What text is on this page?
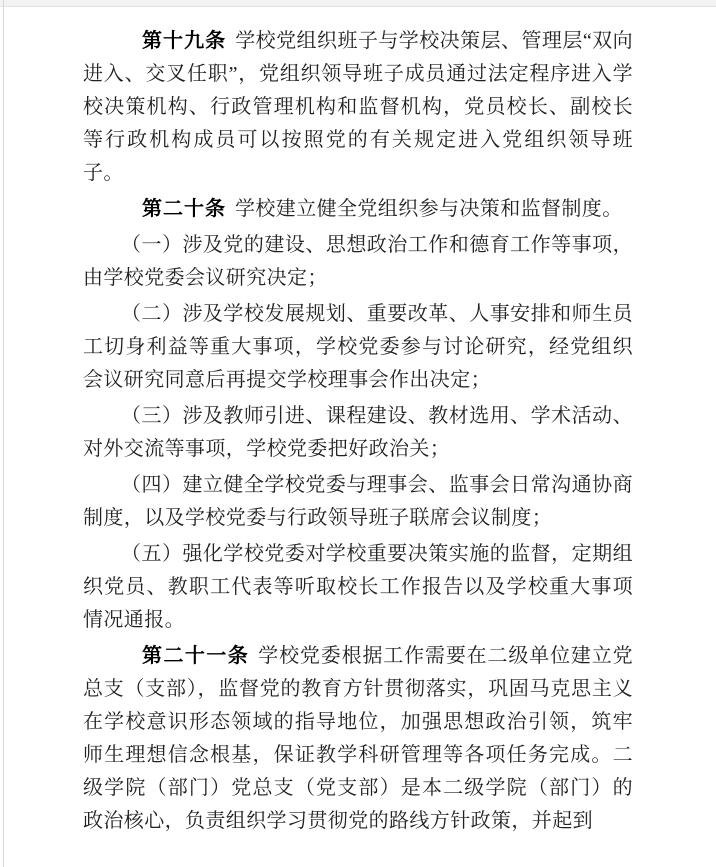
第十九条 学校党组织班子与学校决策层、管理层“双向进入、交叉任职”，党组织领导班子成员通过法定程序进入学校决策机构、行政管理机构和监督机构，党员校长、副校长等行政机构成员可以按照党的有关规定进入党组织领导班子。

第二十条 学校建立健全党组织参与决策和监督制度。

（一）涉及党的建设、思想政治工作和德育工作等事项，由学校党委会议研究决定；

（二）涉及学校发展规划、重要改革、人事安排和师生员工切身利益等重大事项，学校党委参与讨论研究，经党组织会议研究同意后再提交学校理事会作出决定；

（三）涉及教师引进、课程建设、教材选用、学术活动、对外交流等事项，学校党委把好政治关；

（四）建立健全学校党委与理事会、监事会日常沟通协商制度，以及学校党委与行政领导班子联席会议制度；

（五）强化学校党委对学校重要决策实施的监督，定期组织党员、教职工代表等听取校长工作报告以及学校重大事项情况通报。

第二十一条 学校党委根据工作需要在二级单位建立党总支（支部），监督党的教育方针贯彻落实，巩固马克思主义在学校意识形态领域的指导地位，加强思想政治引领，筑牢师生理想信念根基，保证教学科研管理等各项任务完成。二级学院（部门）党总支（党支部）是本二级学院（部门）的政治核心，负责组织学习贯彻党的路线方针政策，并起到
